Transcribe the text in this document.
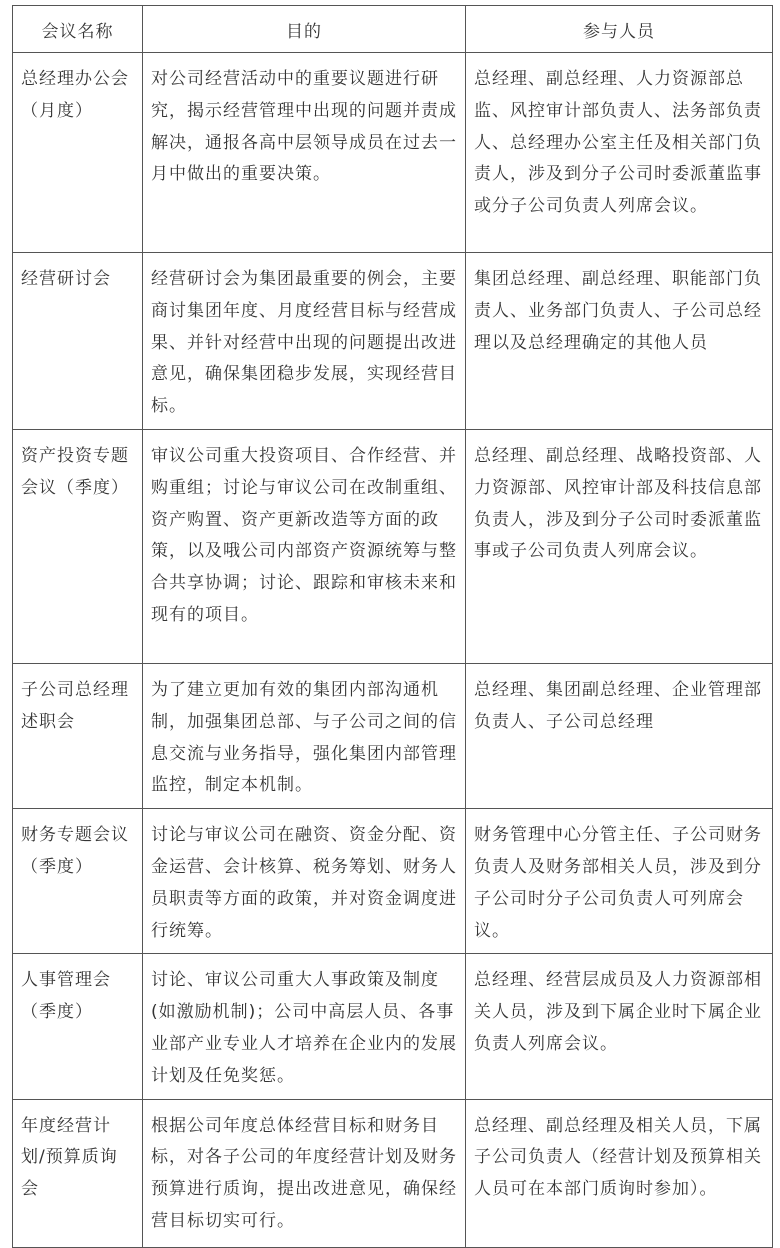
会议名称	目的	参与人员
总经理办公会（月度）	对公司经营活动中的重要议题进行研究，揭示经营管理中出现的问题并责成解决，通报各高中层领导成员在过去一月中做出的重要决策。	总经理、副总经理、人力资源部总监、风控审计部负责人、法务部负责人、总经理办公室主任及相关部门负责人，涉及到分子公司时委派董监事或分子公司负责人列席会议。
经营研讨会	经营研讨会为集团最重要的例会，主要商讨集团年度、月度经营目标与经营成果、并针对经营中出现的问题提出改进意见，确保集团稳步发展，实现经营目标。	集团总经理、副总经理、职能部门负责人、业务部门负责人、子公司总经理以及总经理确定的其他人员
资产投资专题会议（季度）	审议公司重大投资项目、合作经营、并购重组；讨论与审议公司在改制重组、资产购置、资产更新改造等方面的政策，以及哦公司内部资产资源统筹与整合共享协调；讨论、跟踪和审核未来和现有的项目。	总经理、副总经理、战略投资部、人力资源部、风控审计部及科技信息部负责人，涉及到分子公司时委派董监事或子公司负责人列席会议。
子公司总经理述职会	为了建立更加有效的集团内部沟通机制，加强集团总部、与子公司之间的信息交流与业务指导，强化集团内部管理监控，制定本机制。	总经理、集团副总经理、企业管理部负责人、子公司总经理
财务专题会议（季度）	讨论与审议公司在融资、资金分配、资金运营、会计核算、税务筹划、财务人员职责等方面的政策，并对资金调度进行统筹。	财务管理中心分管主任、子公司财务负责人及财务部相关人员，涉及到分子公司时分子公司负责人可列席会议。
人事管理会（季度）	讨论、审议公司重大人事政策及制度(如激励机制)；公司中高层人员、各事业部产业专业人才培养在企业内的发展计划及任免奖惩。	总经理、经营层成员及人力资源部相关人员，涉及到下属企业时下属企业负责人列席会议。
年度经营计划/预算质询会	根据公司年度总体经营目标和财务目标，对各子公司的年度经营计划及财务预算进行质询，提出改进意见，确保经营目标切实可行。	总经理、副总经理及相关人员，下属子公司负责人（经营计划及预算相关人员可在本部门质询时参加）。
